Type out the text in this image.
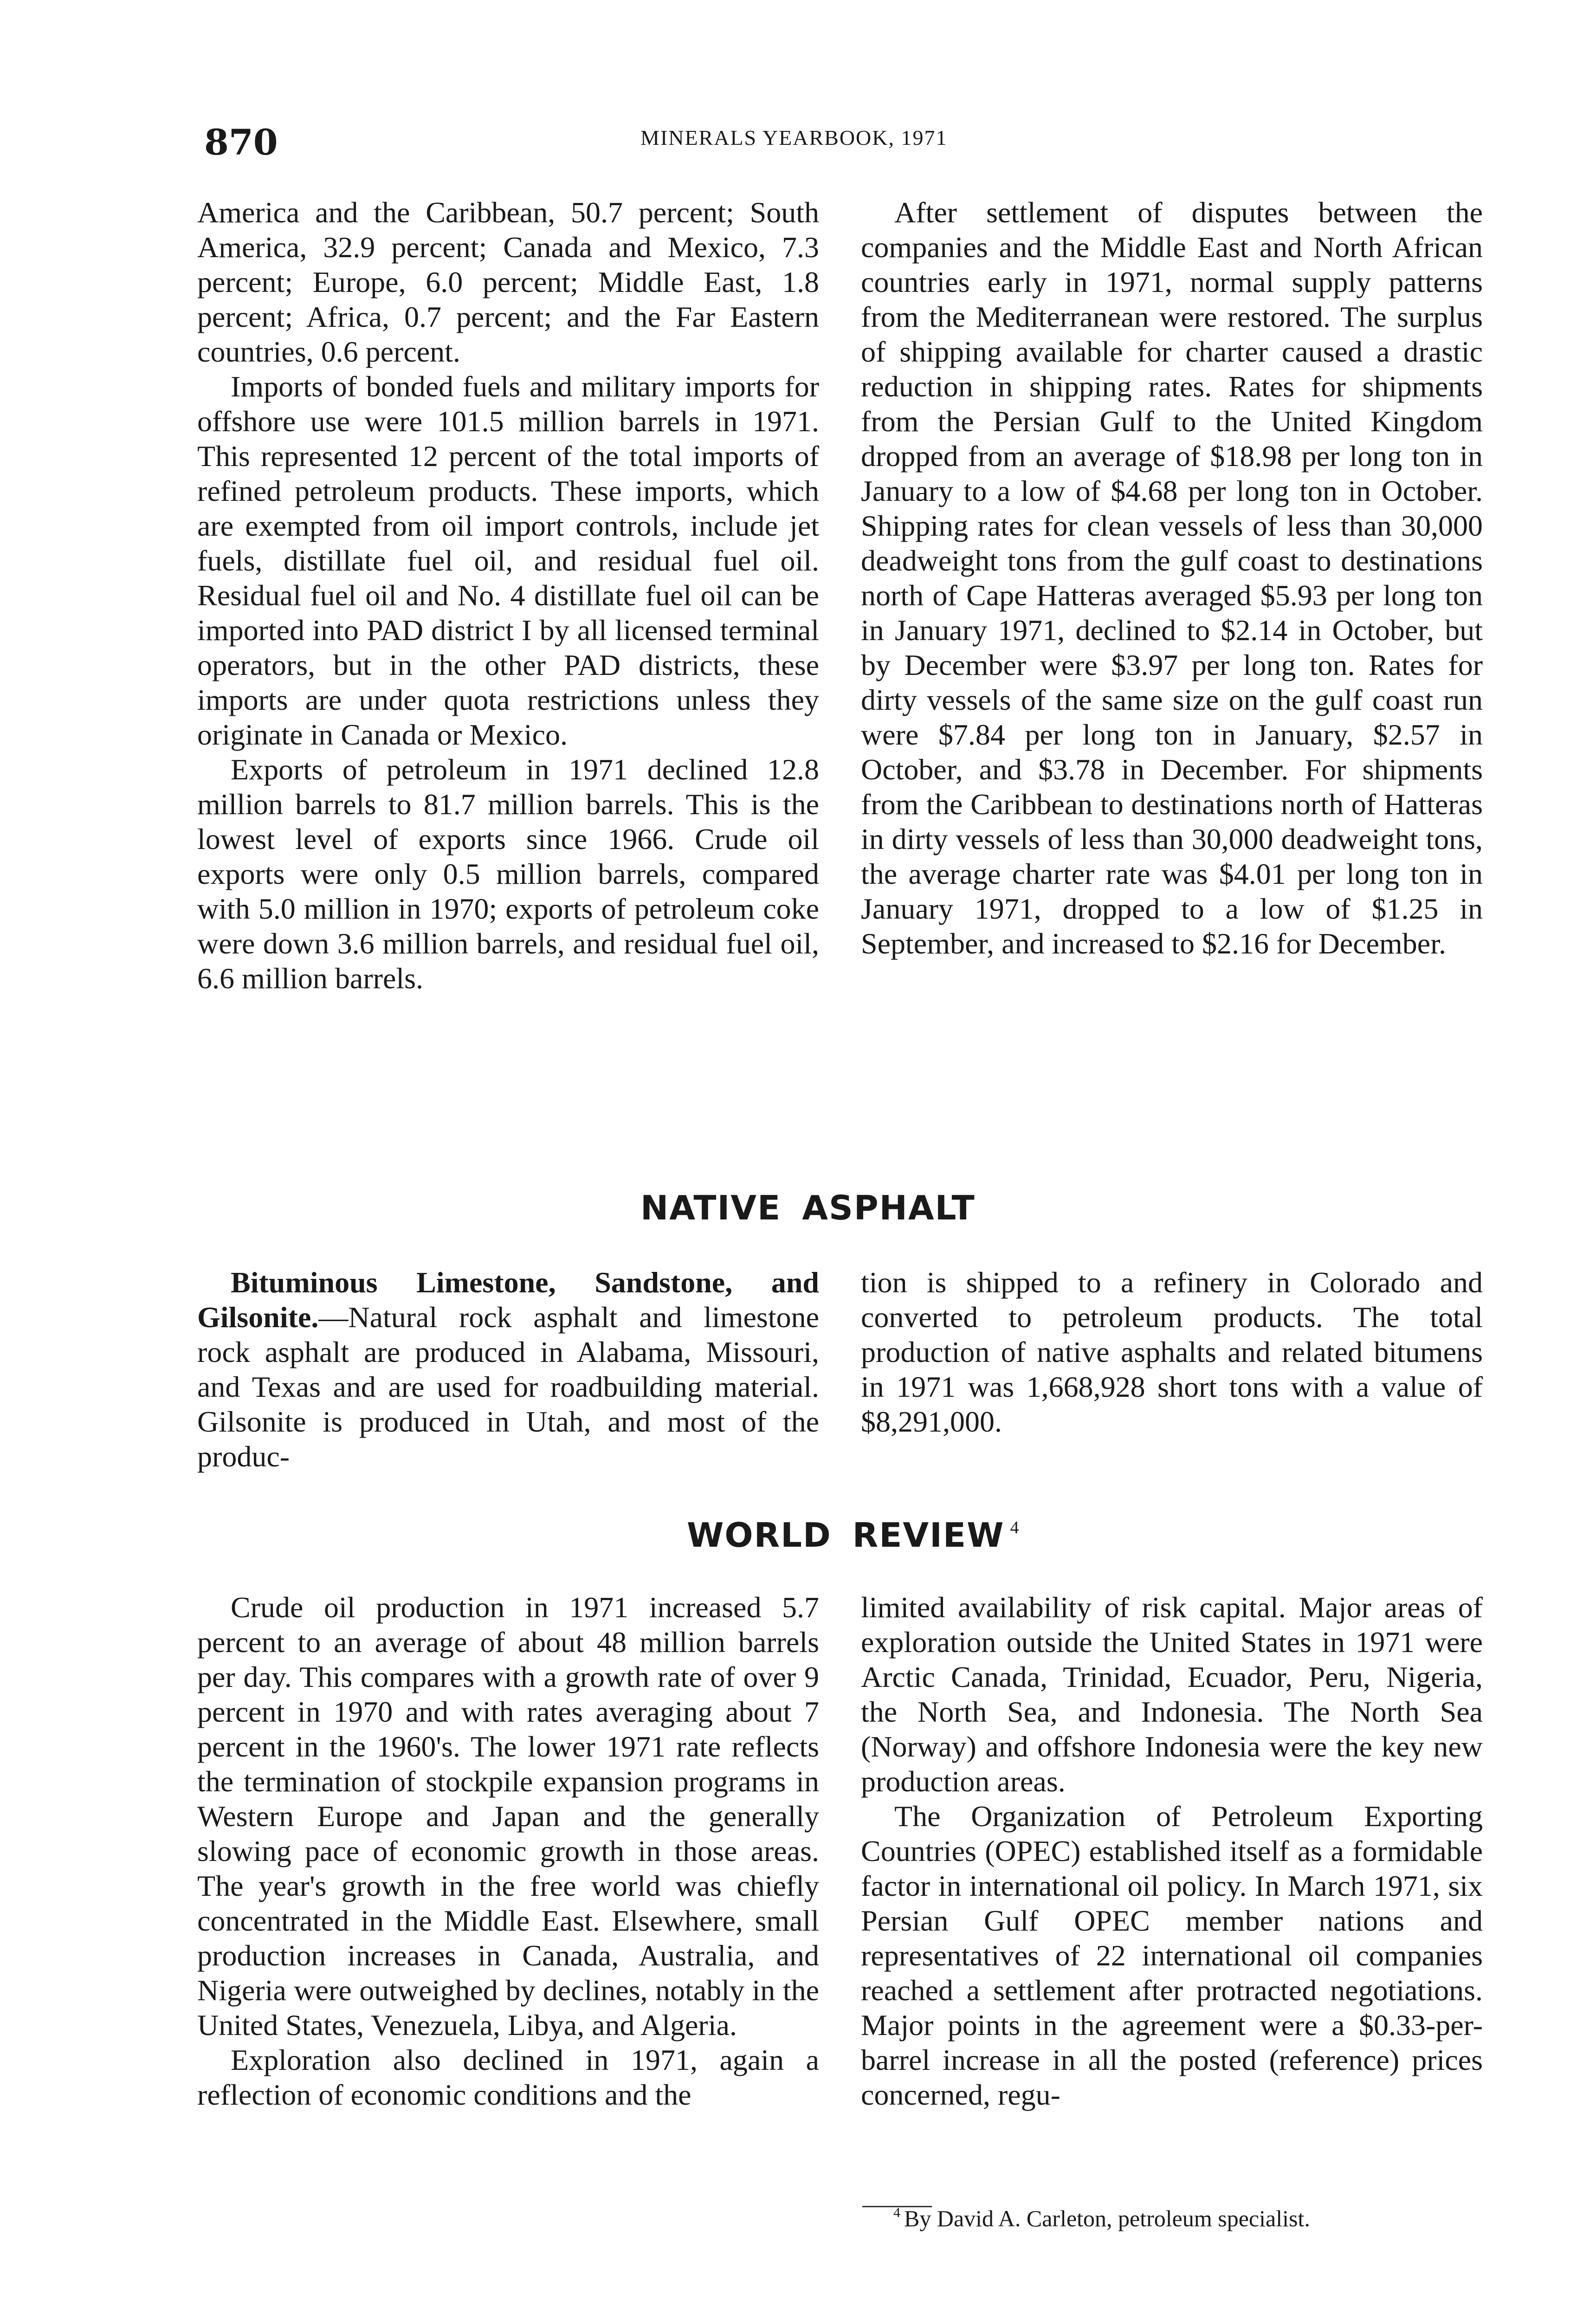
870	MINERALS YEARBOOK, 1971

America and the Caribbean, 50.7 percent; South America, 32.9 percent; Canada and Mexico, 7.3 percent; Europe, 6.0 percent; Middle East, 1.8 percent; Africa, 0.7 percent; and the Far Eastern countries, 0.6 percent.

Imports of bonded fuels and military imports for offshore use were 101.5 million barrels in 1971. This represented 12 percent of the total imports of refined petroleum products. These imports, which are exempted from oil import controls, include jet fuels, distillate fuel oil, and residual fuel oil. Residual fuel oil and No. 4 distillate fuel oil can be imported into PAD district I by all licensed terminal operators, but in the other PAD districts, these imports are under quota restrictions unless they originate in Canada or Mexico.

Exports of petroleum in 1971 declined 12.8 million barrels to 81.7 million barrels. This is the lowest level of exports since 1966. Crude oil exports were only 0.5 million barrels, compared with 5.0 million in 1970; exports of petroleum coke were down 3.6 million barrels, and residual fuel oil, 6.6 million barrels.

After settlement of disputes between the companies and the Middle East and North African countries early in 1971, normal supply patterns from the Mediterranean were restored. The surplus of shipping available for charter caused a drastic reduction in shipping rates. Rates for shipments from the Persian Gulf to the United Kingdom dropped from an average of $18.98 per long ton in January to a low of $4.68 per long ton in October. Shipping rates for clean vessels of less than 30,000 deadweight tons from the gulf coast to destinations north of Cape Hatteras averaged $5.93 per long ton in January 1971, declined to $2.14 in October, but by December were $3.97 per long ton. Rates for dirty vessels of the same size on the gulf coast run were $7.84 per long ton in January, $2.57 in October, and $3.78 in December. For shipments from the Caribbean to destinations north of Hatteras in dirty vessels of less than 30,000 deadweight tons, the average charter rate was $4.01 per long ton in January 1971, dropped to a low of $1.25 in September, and increased to $2.16 for December.

NATIVE ASPHALT

Bituminous Limestone, Sandstone, and Gilsonite.—Natural rock asphalt and limestone rock asphalt are produced in Alabama, Missouri, and Texas and are used for roadbuilding material. Gilsonite is produced in Utah, and most of the produc-

tion is shipped to a refinery in Colorado and converted to petroleum products. The total production of native asphalts and related bitumens in 1971 was 1,668,928 short tons with a value of $8,291,000.

WORLD REVIEW $^4$

Crude oil production in 1971 increased 5.7 percent to an average of about 48 million barrels per day. This compares with a growth rate of over 9 percent in 1970 and with rates averaging about 7 percent in the 1960's. The lower 1971 rate reflects the termination of stockpile expansion programs in Western Europe and Japan and the generally slowing pace of economic growth in those areas. The year's growth in the free world was chiefly concentrated in the Middle East. Elsewhere, small production increases in Canada, Australia, and Nigeria were outweighed by declines, notably in the United States, Venezuela, Libya, and Algeria.

Exploration also declined in 1971, again a reflection of economic conditions and the

limited availability of risk capital. Major areas of exploration outside the United States in 1971 were Arctic Canada, Trinidad, Ecuador, Peru, Nigeria, the North Sea, and Indonesia. The North Sea (Norway) and offshore Indonesia were the key new production areas.

The Organization of Petroleum Exporting Countries (OPEC) established itself as a formidable factor in international oil policy. In March 1971, six Persian Gulf OPEC member nations and representatives of 22 international oil companies reached a settlement after protracted negotiations. Major points in the agreement were a $0.33-per-barrel increase in all the posted (reference) prices concerned, regu-

$^4$ By David A. Carleton, petroleum specialist.
